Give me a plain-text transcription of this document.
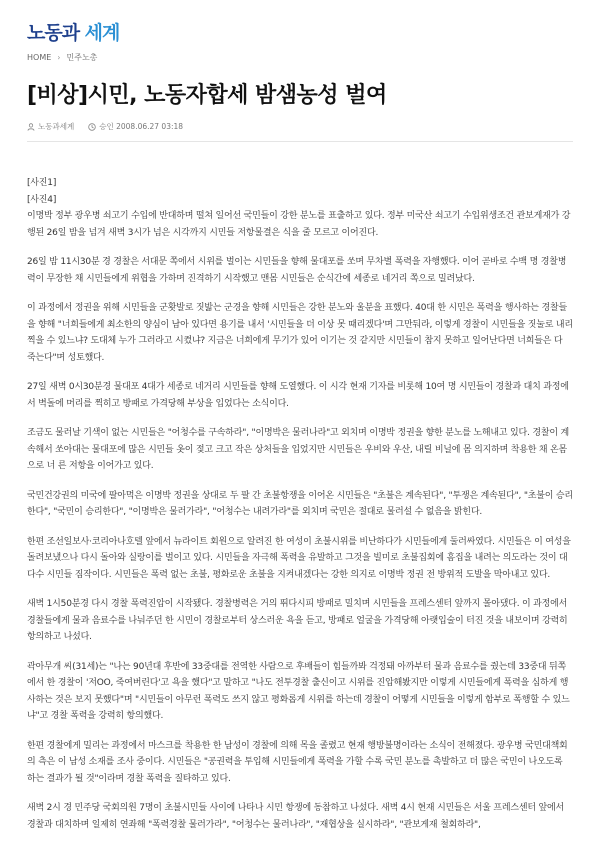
노동과 세계
HOME › 민주노총
[비상]시민, 노동자합세 밤샘농성 벌여
노동과세계	승인 2008.06.27 03:18
[사진1]
[사진4]

이명박 정부 광우병 쇠고기 수입에 반대하며 떨쳐 일어선 국민들이 강한 분노를 표출하고 있다. 정부 미국산 쇠고기 수입위생조건 관보게재가 강행된 26일 밤을 넘겨 새벽 3시가 넘은 시각까지 시민들 저항물결은 식을 줄 모르고 이어진다.

26일 밤 11시30분 경 경찰은 서대문 쪽에서 시위를 벌이는 시민들을 향해 물대포를 쏘며 무차별 폭력을 자행했다. 이어 곧바로 수백 명 경찰병력이 무장한 채 시민들에게 위협을 가하며 진격하기 시작했고 맨몸 시민들은 순식간에 세종로 네거리 쪽으로 밀려났다.

이 과정에서 정권을 위해 시민들을 군홧발로 짓밟는 군경을 향해 시민들은 강한 분노와 울분을 표했다. 40대 한 시민은 폭력을 행사하는 경찰들을 향해 "너희들에게 최소한의 양심이 남아 있다면 용기를 내서 '시민들을 더 이상 못 때리겠다'며 그만둬라, 이렇게 경찰이 시민들을 짓눌로 내리찍을 수 있느냐? 도대체 누가 그러라고 시켰냐? 지금은 너희에게 무기가 있어 이기는 것 같지만 시민들이 참지 못하고 일어난다면 너희들은 다 죽는다"며 성토했다.

27일 새벽 0시30분경 물대포 4대가 세종로 네거리 시민들를 향해 도열했다. 이 시각 현재 기자를 비롯해 10여 명 시민들이 경찰과 대치 과정에서 벽돌에 머리를 찍히고 방패로 가격당해 부상을 입었다는 소식이다.

조금도 물러날 기색이 없는 시민들은 "어청수를 구속하라", "이명박은 물러나라"고 외치며 이명박 정권을 향한 분노를 노해내고 있다. 경찰이 계속해서 쏘아대는 물대포에 많은 시민들 옷이 젖고 크고 작은 상처들을 입었지만 시민들은 우비와 우산, 내릴 비닐에 몸 의지하며 착용한 채 온몸으로 너 른 저항을 이어가고 있다.

국민건강권의 미국에 팔아먹은 이명박 정권을 상대로 두 팔 간 초불항쟁을 이어온 시민들은 "초불은 계속된다", "투쟁은 계속된다", "초불이 승리한다", "국민이 승리한다", "이명박은 물러가라", "어청수는 내려가라"를 외치며 국민은 절대로 물러설 수 없음을 밝힌다.

한편 조선일보사·코리아나호텔 앞에서 뉴라이트 회원으로 알려진 한 여성이 초불시위를 비난하다가 시민들에게 둘러싸였다. 시민들은 이 여성을 돌려보냈으나 다시 돌아와 실랑이를 벌이고 있다. 시민들을 자극해 폭력을 유발하고 그것을 빌미로 초불집회에 흠집을 내려는 의도라는 것이 대다수 시민들 짐작이다. 시민들은 폭력 없는 초불, 평화로운 초불을 지켜내겠다는 강한 의지로 이명박 정권 전 방위적 도발을 막아내고 있다.

새벽 1시50분경 다시 경찰 폭력진압이 시작됐다. 경찰병력은 거의 뛰다시피 방패로 밀치며 시민들을 프레스센터 앞까지 몰아댔다. 이 과정에서 경찰들에게 물과 음료수를 나눠주던 한 시민이 경찰로부터 상스러운 욕을 듣고, 방패로 얼굴을 가격당해 아랫입술이 터진 것을 내보이며 강력히 항의하고 나섰다.

곽아무개 씨(31세)는 "나는 90년대 후반에 33중대를 전역한 사람으로 후배들이 힘들까봐 걱정돼 아까부터 물과 음료수를 줬는데 33중대 뒤쪽에서 한 경찰이 '저OO, 죽여버린다'고 욕을 했다"고 말하고 "나도 전투경찰 출신이고 시위를 진압해봤지만 이렇게 시민들에게 폭력을 심하게 행사하는 것은 보지 못했다"며 "시민들이 아무런 폭력도 쓰지 않고 평화롭게 시위를 하는데 경찰이 어떻게 시민들을 이렇게 함부로 폭행할 수 있느냐"고 경찰 폭력을 강력히 항의했다.

한편 경찰에게 밀리는 과정에서 마스크를 착용한 한 남성이 경찰에 의해 목을 졸렸고 현재 행방불명이라는 소식이 전해졌다. 광우병 국민대책회의 측은 이 남성 소재를 조사 중이다. 시민들은 "공권력을 투입해 시민들에게 폭력을 가할 수록 국민 분노를 촉발하고 더 많은 국민이 나오도록 하는 결과가 될 것"이라며 경찰 폭력을 질타하고 있다.

새벽 2시 경 민주당 국회의원 7명이 초불시민들 사이에 나타나 시민 항쟁에 동참하고 나섰다. 새벽 4시 현재 시민들은 서울 프레스센터 앞에서 경찰과 대치하며 일제히 연좌해 "폭력경찰 물러가라", "어청수는 물러나라", "재협상을 실시하라", "관보게재 철회하라",
